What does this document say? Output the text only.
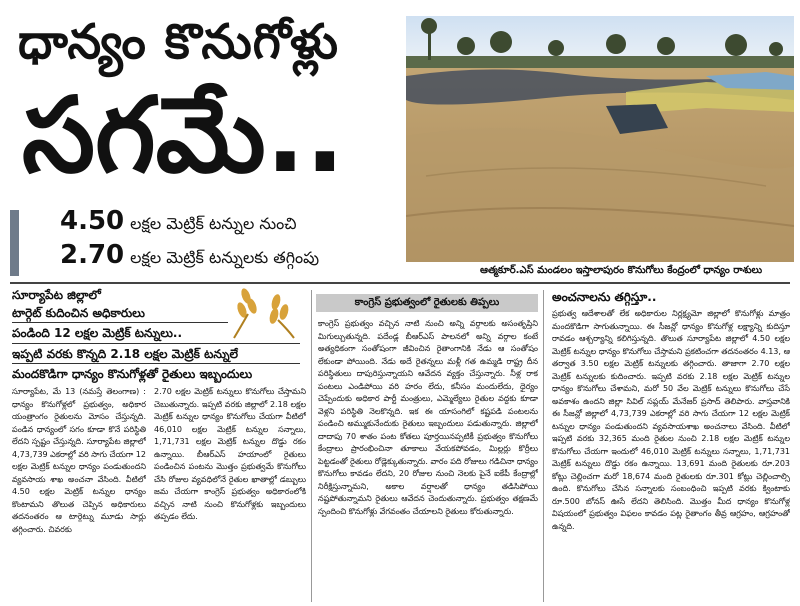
ధాన్యం కొనుగోళ్లు
సగమే..
ఆత్మకూర్.ఎస్ మండలం ఇస్తాలాపురం కొనుగోలు కేంద్రంలో ధాన్యం రాశులు
4.50 లక్షల మెట్రిక్ టన్నుల నుంచి
2.70 లక్షల మెట్రిక్ టన్నులకు తగ్గింపు
సూర్యాపేట జిల్లాలో
టార్గెట్ కుదించిన అధికారులు
పండింది 12 లక్షల మెట్రిక్ టన్నులు..
ఇప్పటి వరకు కొన్నది 2.18 లక్షల మెట్రిక్ టన్నులే
మందకొడిగా ధాన్యం కొనుగోళ్లతో రైతులు ఇబ్బందులు

సూర్యాపేట, మే 13 (నమస్తే తెలంగాణ) : ధాన్యం కొనుగోళ్లలో ప్రభుత్వం, అధికార యంత్రాంగం రైతులను మోసం చేస్తున్నది. పండిన ధాన్యంలో సగం కూడా కొనే పరిస్థితి లేదని స్పష్టం చేస్తున్నది. సూర్యాపేట జిల్లాలో 4,73,739 ఎకరాల్లో వరి సాగు చేయగా 12 లక్షల మెట్రిక్ టన్నుల ధాన్యం పండుతుందని వ్యవసాయ శాఖ అంచనా వేసింది. వీటిలో 4.50 లక్షల మెట్రిక్ టన్నుల ధాన్యం కొంటామని తొలుత చెప్పిన అధికారులు తదనంతరం ఆ టార్గెట్ను మూడు సార్లు తగ్గించారు. చివరకు

2.70 లక్షల మెట్రిక్ టన్నులు కొనుగోలు చేస్తామని చెబుతున్నారు. ఇప్పటి వరకు జిల్లాలో 2.18 లక్షల మెట్రిక్ టన్నుల ధాన్యం కొనుగోలు చేయగా వీటిలో 46,010 లక్షల మెట్రిక్ టన్నుల సన్నాలు, 1,71,731 లక్షల మెట్రిక్ టన్నుల దొడ్డు రకం ఉన్నాయి. బీఆర్ఎస్ హయాంలో రైతులు పండించిన పంటను మొత్తం ప్రభుత్వమే కొనుగోలు చేసి రోజుల వ్యవధిలోనే రైతుల ఖాతాల్లో డబ్బులు జమ చేయగా కాంగ్రెస్ ప్రభుత్వం అధికారంలోకి వచ్చిన నాటి నుంచి కొనుగోళ్లకు ఇబ్బందులు తప్పడం లేదు.

కాంగ్రెస్ ప్రభుత్వంలో రైతులకు తిప్పలు

కాంగ్రెస్ ప్రభుత్వం వచ్చిన నాటి నుంచి అన్ని వర్గాలకు అసంతృప్తిని మిగుల్చుతున్నది. పదేండ్ల బీఆర్ఎస్ పాలనలో అన్ని వర్గాల కంటే అత్యధికంగా సంతోషంగా జీవించిన రైతాంగానికి నేడు ఆ సంతోషం లేకుండా పోయింది. నేడు అదే రైతన్నలు మళ్లీ గత ఉమ్మడి రాష్ట్ర దీన పరిస్థితులు దాపురిస్తున్నాయని ఆవేదన వ్యక్తం చేస్తున్నారు. నీళ్ల రాక పంటలు ఎండిపోయి వరి హరం లేదు, కనీసం మందులేదు, ధైర్యం చెప్పేందుకు అధికార పార్టీ మంత్రులు, ఎమ్మెల్యేలు రైతుల వద్దకు కూడా వెళ్లని పరిస్థితి నెలకొన్నది. ఇక ఈ యాసంగిలో కష్టపడి పంటలను పండించి అమ్ముకునేందుకు రైతులు ఇబ్బందులు పడుతున్నారు. జిల్లాలో దాదాపు 70 శాతం పంట కోతలు పూర్తయినప్పటికీ ప్రభుత్వం కొనుగోలు కేంద్రాలు ప్రారంభించినా తూకాలు వేయకపోవడం, మిల్లర్లు కొర్రీలు పెట్టడంతో రైతులు రోడ్లెక్కుతున్నారు. వారం పది రోజులు గడిచినా ధాన్యం కొనుగోలు కావడం లేదని, 20 రోజుల నుంచి నెలకు పైనే ఐకేపీ కేంద్రాల్లో నిరీక్షిస్తున్నామని, అకాల వర్షాలతో ధాన్యం తడిసిపోయి నష్టపోతున్నామని రైతులు ఆవేదన చెందుతున్నారు. ప్రభుత్వం తక్షణమే స్పందించి కొనుగోళ్లు వేగవంతం చేయాలని రైతులు కోరుతున్నారు.

అంచనాలను తగ్గిస్తూ..

ప్రభుత్వ ఆదేశాలతో లేక అధికారుల నిర్లక్ష్యమో జిల్లాలో కొనుగోళ్లు మాత్రం మందకొడిగా సాగుతున్నాయి. ఈ సీజన్లో ధాన్యం కొనుగోళ్ల లక్ష్యాన్ని కుదిస్తూ రావడం ఆశ్చర్యాన్ని కలిగిస్తున్నది. తొలుత సూర్యాపేట జిల్లాలో 4.50 లక్షల మెట్రిక్ టన్నుల ధాన్యం కొనుగోలు చేస్తామని ప్రకటించగా తదనంతరం 4.13, ఆ తర్వాత 3.50 లక్షల మెట్రిక్ టన్నులకు తగ్గించారు. తాజాగా 2.70 లక్షల మెట్రిక్ టన్నులకు కుదించారు. ఇప్పటి వరకు 2.18 లక్షల మెట్రిక్ టన్నుల ధాన్యం కొనుగోలు చేశామని, మరో 50 వేల మెట్రిక్ టన్నులు కొనుగోలు చేసే అవకాశం ఉందని జిల్లా సివిల్ సప్లయ్ మేనేజర్ ప్రసాద్ తెలిపారు. వాస్తవానికి ఈ సీజన్లో జిల్లాలో 4,73,739 ఎకరాల్లో వరి సాగు చేయగా 12 లక్షల మెట్రిక్ టన్నుల ధాన్యం పండుతుందని వ్యవసాయశాఖ అంచనాలు వేసింది. వీటిలో ఇప్పటి వరకు 32,365 మంది రైతుల నుంచి 2.18 లక్షల మెట్రిక్ టన్నుల కొనుగోలు చేయగా ఇందులో 46,010 మెట్రిక్ టన్నులు సన్నాలు, 1,71,731 మెట్రిక్ టన్నులు దొడ్డు రకం ఉన్నాయి. 13,691 మంది రైతులకు రూ.203 కోట్లు చెల్లించగా మరో 18,674 మంది రైతులకు రూ.301 కోట్లు చెల్లించాల్సి ఉంది. కొనుగోలు చేసిన సన్నాలకు సంబంధించి ఇప్పటి వరకు క్వింటాకు రూ.500 బోనస్ ఊసే లేదని తెలిసింది. మొత్తం మీద ధాన్యం కొనుగోళ్ల విషయంలో ప్రభుత్వం విఫలం కావడం పట్ల రైతాంగం తీవ్ర ఆగ్రహం, ఆగ్రహంతో ఉన్నది.
